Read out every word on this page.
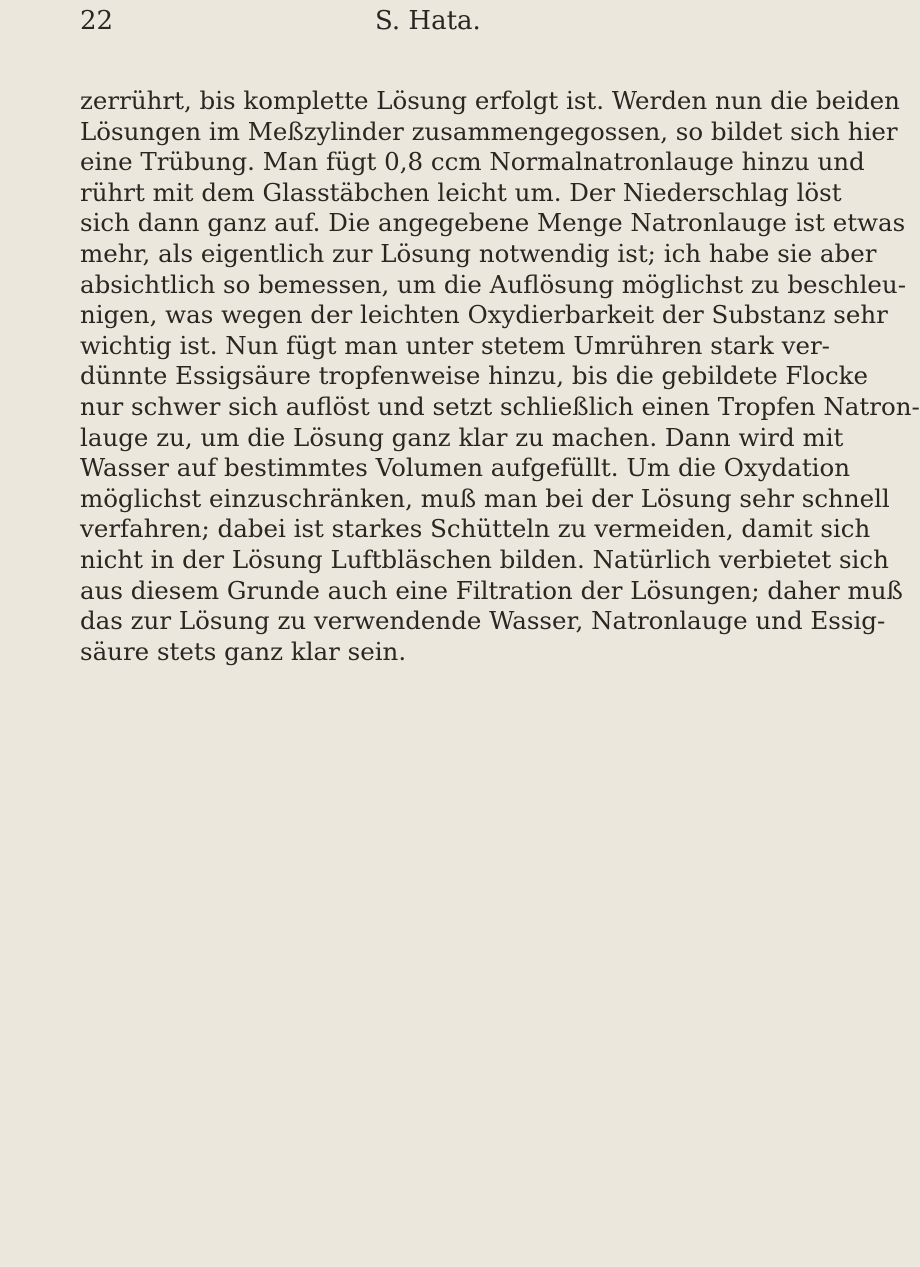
22	S. Hata.
zerrührt, bis komplette Lösung erfolgt ist. Werden nun die beiden
Lösungen im Meßzylinder zusammengegossen, so bildet sich hier
eine Trübung. Man fügt 0,8 ccm Normalnatronlauge hinzu und
rührt mit dem Glasstäbchen leicht um. Der Niederschlag löst
sich dann ganz auf. Die angegebene Menge Natronlauge ist etwas
mehr, als eigentlich zur Lösung notwendig ist; ich habe sie aber
absichtlich so bemessen, um die Auflösung möglichst zu beschleu-
nigen, was wegen der leichten Oxydierbarkeit der Substanz sehr
wichtig ist. Nun fügt man unter stetem Umrühren stark ver-
dünnte Essigsäure tropfenweise hinzu, bis die gebildete Flocke
nur schwer sich auflöst und setzt schließlich einen Tropfen Natron-
lauge zu, um die Lösung ganz klar zu machen. Dann wird mit
Wasser auf bestimmtes Volumen aufgefüllt. Um die Oxydation
möglichst einzuschränken, muß man bei der Lösung sehr schnell
verfahren; dabei ist starkes Schütteln zu vermeiden, damit sich
nicht in der Lösung Luftbläschen bilden. Natürlich verbietet sich
aus diesem Grunde auch eine Filtration der Lösungen; daher muß
das zur Lösung zu verwendende Wasser, Natronlauge und Essig-
säure stets ganz klar sein.
